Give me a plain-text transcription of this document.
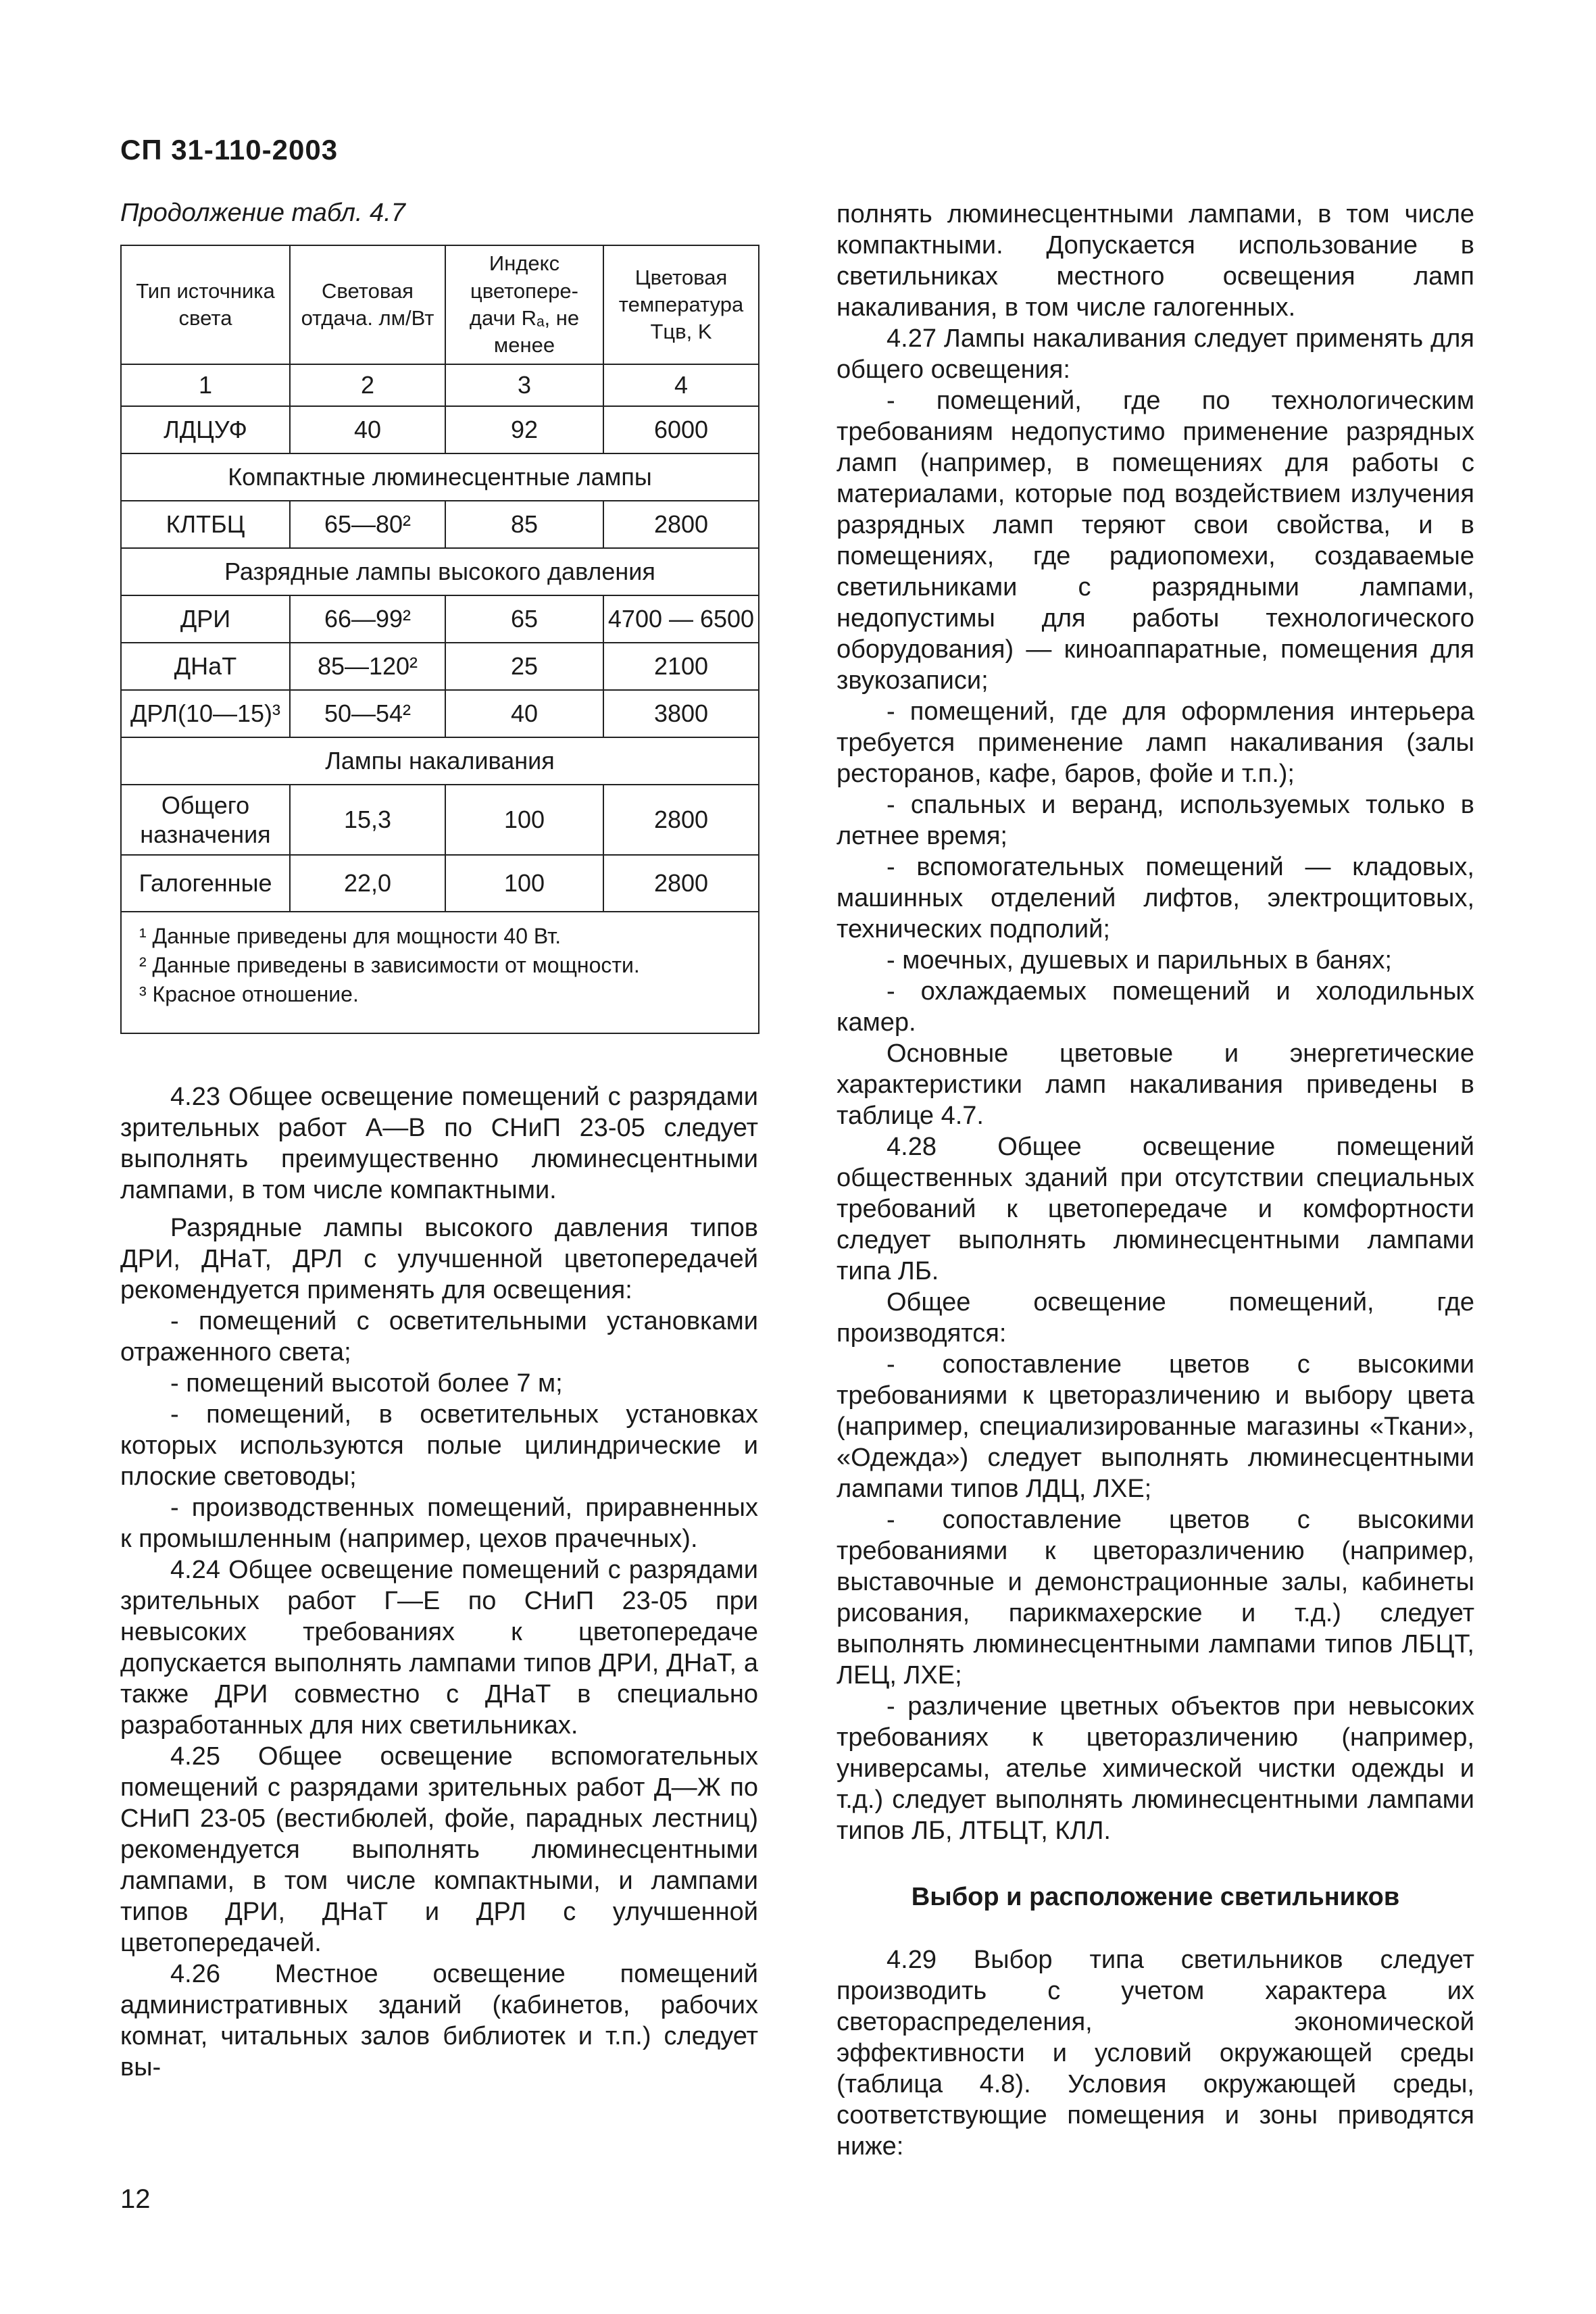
СП 31-110-2003
Продолжение табл. 4.7
Тип источника света	Световая отдача. лм/Вт	Индекс цветопере-дачи Rₐ, не менее	Цветовая температура Тцв, K
1	2	3	4
ЛДЦУФ	40	92	6000
Компактные люминесцентные лампы			
КЛТБЦ	65—80²	85	2800
Разрядные лампы высокого давления			
ДРИ	66—99²	65	4700 — 6500
ДНаТ	85—120²	25	2100
ДРЛ(10—15)³	50—54²	40	3800
Лампы накаливания			
Общего назначения	15,3	100	2800
Галогенные	22,0	100	2800

¹ Данные приведены для мощности 40 Вт.
² Данные приведены в зависимости от мощности.
³ Красное отношение.			

4.23 Общее освещение помещений с разрядами зрительных работ А—В по СНиП 23-05 следует выполнять преимущественно люминесцентными лампами, в том числе компактными.

Разрядные лампы высокого давления типов ДРИ, ДНаТ, ДРЛ с улучшенной цветопередачей рекомендуется применять для освещения:

- помещений с осветительными установками отраженного света;

- помещений высотой более 7 м;

- помещений, в осветительных установках которых используются полые цилиндрические и плоские световоды;

- производственных помещений, приравненных к промышленным (например, цехов прачечных).

4.24 Общее освещение помещений с разрядами зрительных работ Г—Е по СНиП 23-05 при невысоких требованиях к цветопередаче допускается выполнять лампами типов ДРИ, ДНаТ, а также ДРИ совместно с ДНаТ в специально разработанных для них светильниках.

4.25 Общее освещение вспомогательных помещений с разрядами зрительных работ Д—Ж по СНиП 23-05 (вестибюлей, фойе, парадных лестниц) рекомендуется выполнять люминесцентными лампами, в том числе компактными, и лампами типов ДРИ, ДНаТ и ДРЛ с улучшенной цветопередачей.

4.26 Местное освещение помещений административных зданий (кабинетов, рабочих комнат, читальных залов библиотек и т.п.) следует вы-

полнять люминесцентными лампами, в том числе компактными. Допускается использование в светильниках местного освещения ламп накаливания, в том числе галогенных.

4.27 Лампы накаливания следует применять для общего освещения:

- помещений, где по технологическим требованиям недопустимо применение разрядных ламп (например, в помещениях для работы с материалами, которые под воздействием излучения разрядных ламп теряют свои свойства, и в помещениях, где радиопомехи, создаваемые светильниками с разрядными лампами, недопустимы для работы технологического оборудования) — киноаппаратные, помещения для звукозаписи;

- помещений, где для оформления интерьера требуется применение ламп накаливания (залы ресторанов, кафе, баров, фойе и т.п.);

- спальных и веранд, используемых только в летнее время;

- вспомогательных помещений — кладовых, машинных отделений лифтов, электрощитовых, технических подполий;

- моечных, душевых и парильных в банях;

- охлаждаемых помещений и холодильных камер.

Основные цветовые и энергетические характеристики ламп накаливания приведены в таблице 4.7.

4.28 Общее освещение помещений общественных зданий при отсутствии специальных требований к цветопередаче и комфортности следует выполнять люминесцентными лампами типа ЛБ.

Общее освещение помещений, где производятся:

- сопоставление цветов с высокими требованиями к цветоразличению и выбору цвета (например, специализированные магазины «Ткани», «Одежда») следует выполнять люминесцентными лампами типов ЛДЦ, ЛХЕ;

- сопоставление цветов с высокими требованиями к цветоразличению (например, выставочные и демонстрационные залы, кабинеты рисования, парикмахерские и т.д.) следует выполнять люминесцентными лампами типов ЛБЦТ, ЛЕЦ, ЛХЕ;

- различение цветных объектов при невысоких требованиях к цветоразличению (например, универсамы, ателье химической чистки одежды и т.д.) следует выполнять люминесцентными лампами типов ЛБ, ЛТБЦТ, КЛЛ.

Выбор и расположение светильников

4.29 Выбор типа светильников следует производить с учетом характера их светораспределения, экономической эффективности и условий окружающей среды (таблица 4.8). Условия окружающей среды, соответствующие помещения и зоны приводятся ниже:

12
